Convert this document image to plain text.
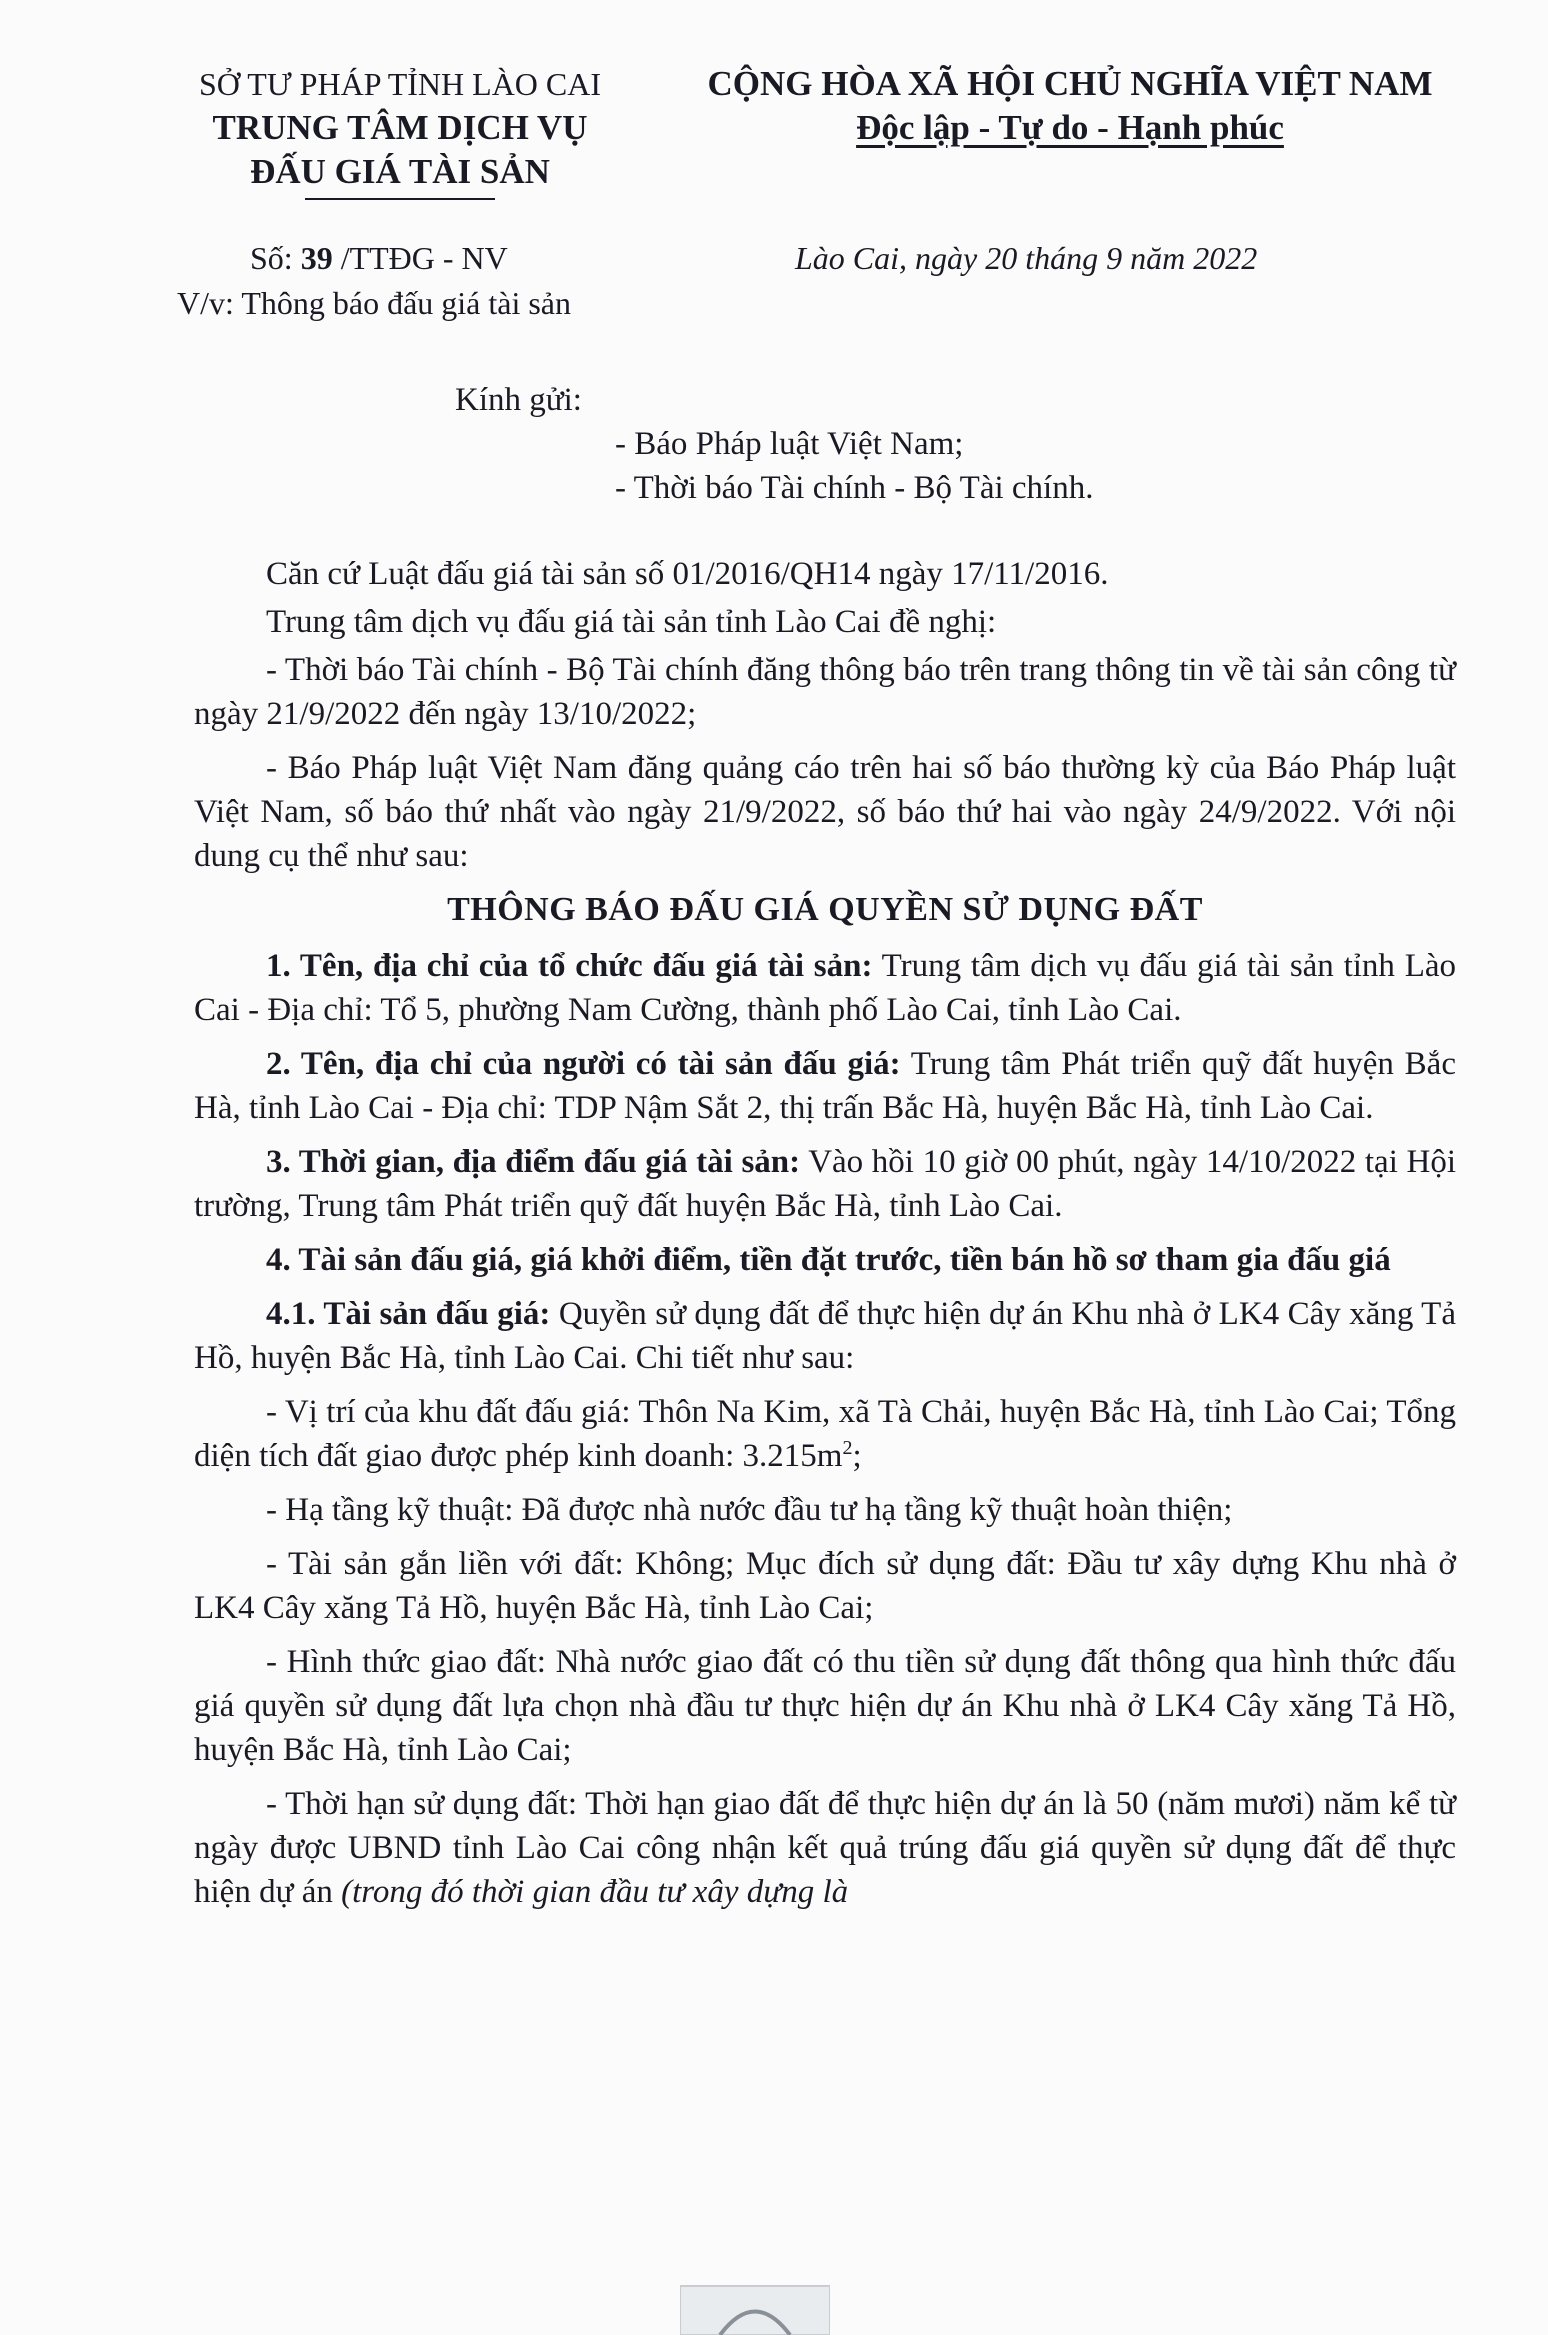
SỞ TƯ PHÁP TỈNH LÀO CAI
TRUNG TÂM DỊCH VỤ
ĐẤU GIÁ TÀI SẢN
CỘNG HÒA XÃ HỘI CHỦ NGHĨA VIỆT NAM
Độc lập - Tự do - Hạnh phúc
Số: 39 /TTĐG - NV
V/v: Thông báo đấu giá tài sản
Lào Cai, ngày 20 tháng 9 năm 2022
Kính gửi:
- Báo Pháp luật Việt Nam;
- Thời báo Tài chính - Bộ Tài chính.

Căn cứ Luật đấu giá tài sản số 01/2016/QH14 ngày 17/11/2016.

Trung tâm dịch vụ đấu giá tài sản tỉnh Lào Cai đề nghị:

- Thời báo Tài chính - Bộ Tài chính đăng thông báo trên trang thông tin về tài sản công từ ngày 21/9/2022 đến ngày 13/10/2022;

- Báo Pháp luật Việt Nam đăng quảng cáo trên hai số báo thường kỳ của Báo Pháp luật Việt Nam, số báo thứ nhất vào ngày 21/9/2022, số báo thứ hai vào ngày 24/9/2022. Với nội dung cụ thể như sau:

THÔNG BÁO ĐẤU GIÁ QUYỀN SỬ DỤNG ĐẤT

1. Tên, địa chỉ của tổ chức đấu giá tài sản: Trung tâm dịch vụ đấu giá tài sản tỉnh Lào Cai - Địa chỉ: Tổ 5, phường Nam Cường, thành phố Lào Cai, tỉnh Lào Cai.

2. Tên, địa chỉ của người có tài sản đấu giá: Trung tâm Phát triển quỹ đất huyện Bắc Hà, tỉnh Lào Cai - Địa chỉ: TDP Nậm Sắt 2, thị trấn Bắc Hà, huyện Bắc Hà, tỉnh Lào Cai.

3. Thời gian, địa điểm đấu giá tài sản: Vào hồi 10 giờ 00 phút, ngày 14/10/2022 tại Hội trường, Trung tâm Phát triển quỹ đất huyện Bắc Hà, tỉnh Lào Cai.

4. Tài sản đấu giá, giá khởi điểm, tiền đặt trước, tiền bán hồ sơ tham gia đấu giá

4.1. Tài sản đấu giá: Quyền sử dụng đất để thực hiện dự án Khu nhà ở LK4 Cây xăng Tả Hồ, huyện Bắc Hà, tỉnh Lào Cai. Chi tiết như sau:

- Vị trí của khu đất đấu giá: Thôn Na Kim, xã Tà Chải, huyện Bắc Hà, tỉnh Lào Cai; Tổng diện tích đất giao được phép kinh doanh: $3.215m^2$;

- Hạ tầng kỹ thuật: Đã được nhà nước đầu tư hạ tầng kỹ thuật hoàn thiện;

- Tài sản gắn liền với đất: Không; Mục đích sử dụng đất: Đầu tư xây dựng Khu nhà ở LK4 Cây xăng Tả Hồ, huyện Bắc Hà, tỉnh Lào Cai;

- Hình thức giao đất: Nhà nước giao đất có thu tiền sử dụng đất thông qua hình thức đấu giá quyền sử dụng đất lựa chọn nhà đầu tư thực hiện dự án Khu nhà ở LK4 Cây xăng Tả Hồ, huyện Bắc Hà, tỉnh Lào Cai;

- Thời hạn sử dụng đất: Thời hạn giao đất để thực hiện dự án là 50 (năm mươi) năm kể từ ngày được UBND tỉnh Lào Cai công nhận kết quả trúng đấu giá quyền sử dụng đất để thực hiện dự án (trong đó thời gian đầu tư xây dựng là
